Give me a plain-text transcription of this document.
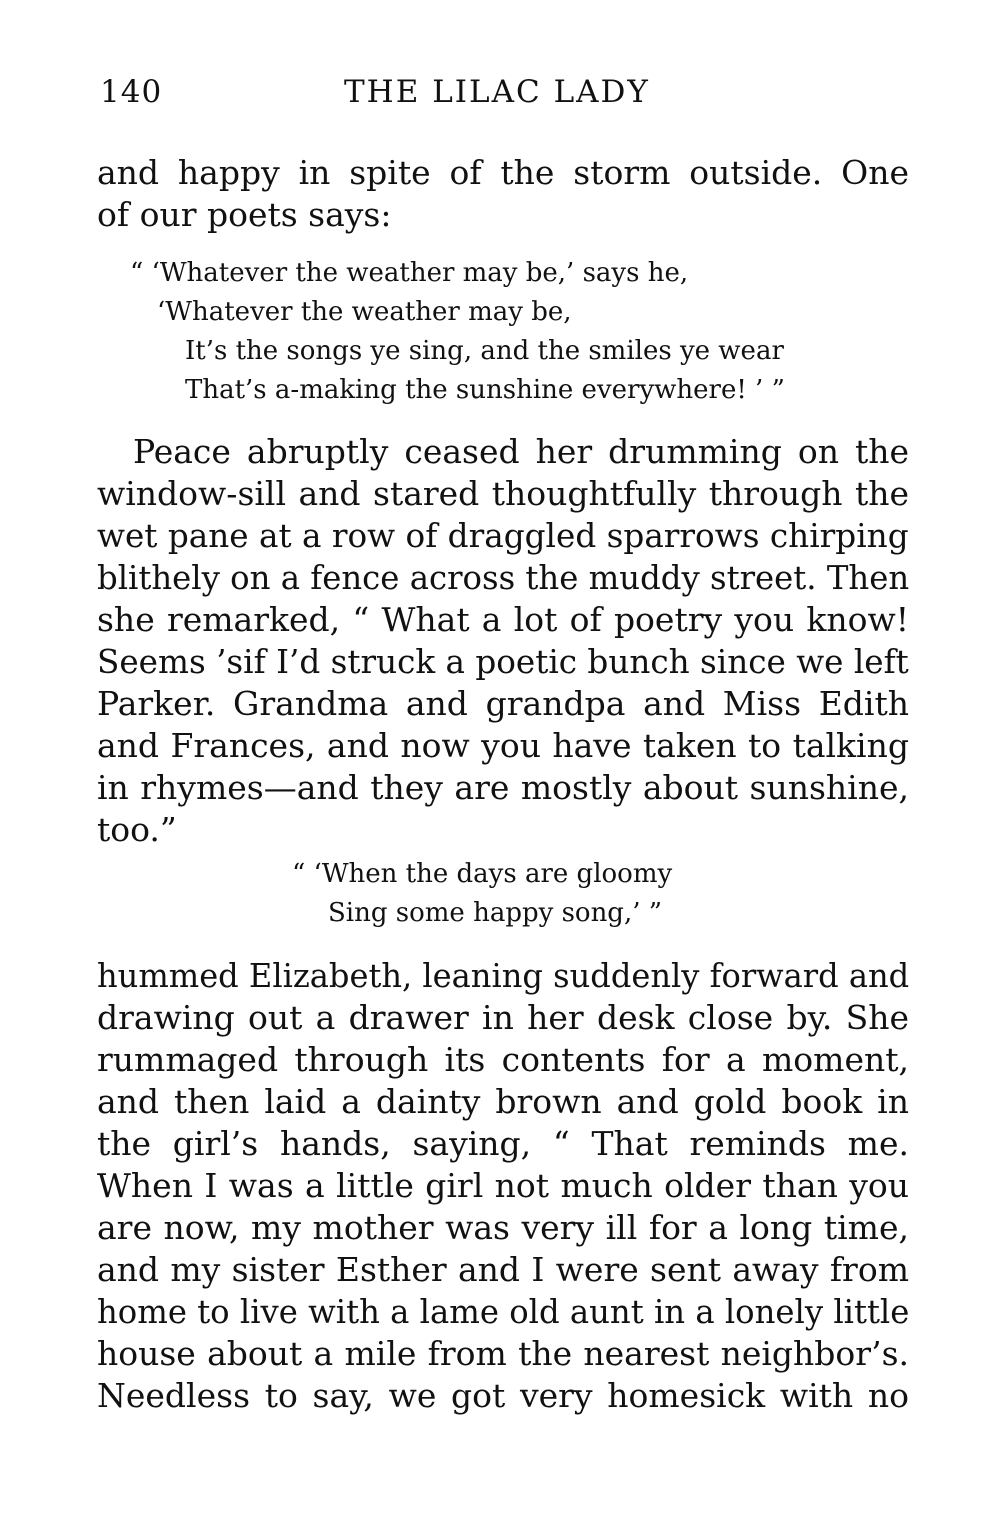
140	THE LILAC LADY
and happy in spite of the storm outside. One
of our poets says:
“ ‘Whatever the weather may be,’ says he,
‘Whatever the weather may be,
It’s the songs ye sing, and the smiles ye wear
That’s a-making the sunshine everywhere! ’ ”
Peace abruptly ceased her drumming on the
window-sill and stared thoughtfully through the
wet pane at a row of draggled sparrows chirping
blithely on a fence across the muddy street. Then
she remarked, “ What a lot of poetry you know!
Seems ’sif I’d struck a poetic bunch since we left
Parker. Grandma and grandpa and Miss Edith
and Frances, and now you have taken to talking
in rhymes—and they are mostly about sunshine,
too.”
“ ‘When the days are gloomy
Sing some happy song,’ ”
hummed Elizabeth, leaning suddenly forward and
drawing out a drawer in her desk close by. She
rummaged through its contents for a moment,
and then laid a dainty brown and gold book in
the girl’s hands, saying, “ That reminds me.
When I was a little girl not much older than you
are now, my mother was very ill for a long time,
and my sister Esther and I were sent away from
home to live with a lame old aunt in a lonely little
house about a mile from the nearest neighbor’s.
Needless to say, we got very homesick with no
